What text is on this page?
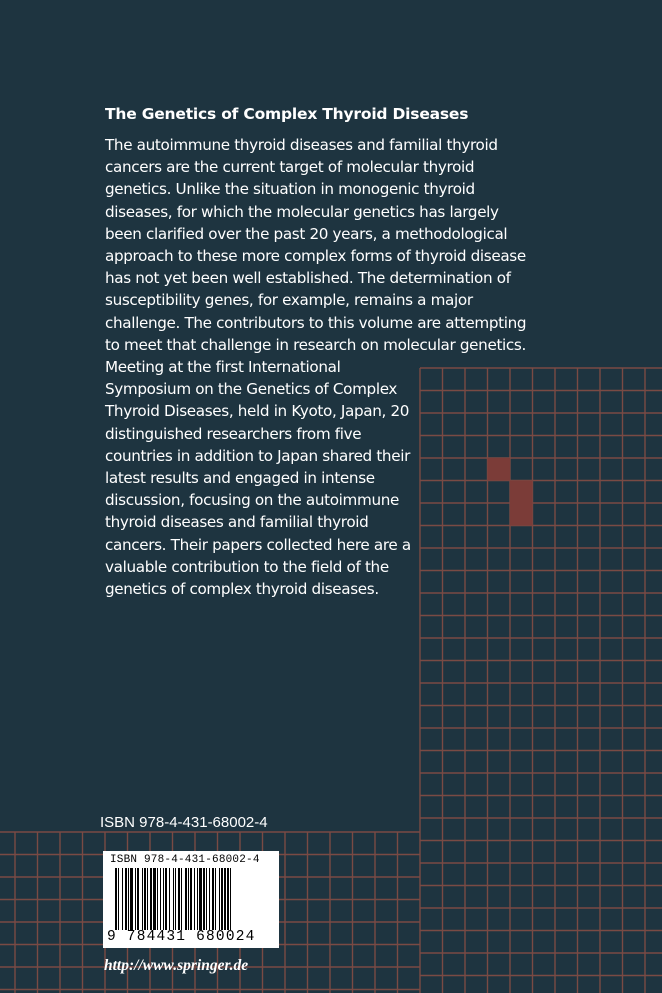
The Genetics of Complex Thyroid Diseases
The autoimmune thyroid diseases and familial thyroid
cancers are the current target of molecular thyroid
genetics. Unlike the situation in monogenic thyroid
diseases, for which the molecular genetics has largely
been clarified over the past 20 years, a methodological
approach to these more complex forms of thyroid disease
has not yet been well established. The determination of
susceptibility genes, for example, remains a major
challenge. The contributors to this volume are attempting
to meet that challenge in research on molecular genetics.
Meeting at the first International
Symposium on the Genetics of Complex
Thyroid Diseases, held in Kyoto, Japan, 20
distinguished researchers from five
countries in addition to Japan shared their
latest results and engaged in intense
discussion, focusing on the autoimmune
thyroid diseases and familial thyroid
cancers. Their papers collected here are a
valuable contribution to the field of the
genetics of complex thyroid diseases.
ISBN 978-4-431-68002-4
ISBN 978-4-431-68002-4
9 784431 680024
http://www.springer.de
